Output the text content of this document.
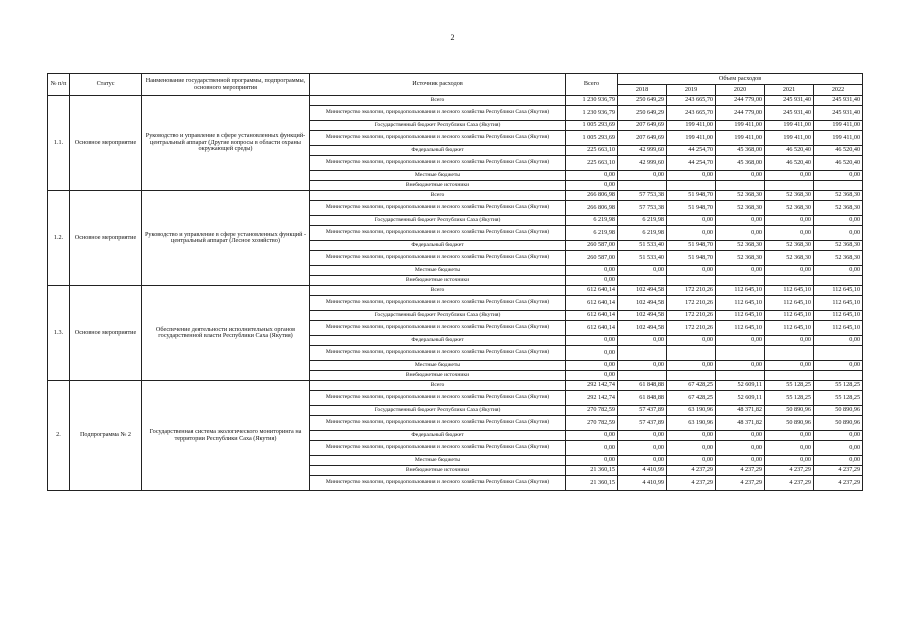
2
№ п/п	Статус	Наименование государственной программы, подпрограммы, основного мероприятия	Источник расходов	Всего	Объем расходов				
					2018	2019	2020	2021	2022
1.1.	Основное мероприятие	Руководство и управление в сфере установленных функций-центральный аппарат (Другие вопросы в области охраны окружающей среды)	Всего	1 230 936,79	250 649,29	243 665,70	244 779,00	245 931,40	245 931,40
			Министерство экологии, природопользования и лесного хозяйства Республики Саха (Якутия)	1 230 936,79	250 649,29	243 665,70	244 779,00	245 931,40	245 931,40
			Государственный бюджет Республики Саха (Якутия)	1 005 293,69	207 649,69	199 411,00	199 411,00	199 411,00	199 411,00
			Министерство экологии, природопользования и лесного хозяйства Республики Саха (Якутия)	1 005 293,69	207 649,69	199 411,00	199 411,00	199 411,00	199 411,00
			Федеральный бюджет	225 663,10	42 999,60	44 254,70	45 368,00	46 520,40	46 520,40
			Министерство экологии, природопользования и лесного хозяйства Республики Саха (Якутия)	225 663,10	42 999,60	44 254,70	45 368,00	46 520,40	46 520,40
			Местные бюджеты	0,00	0,00	0,00	0,00	0,00	0,00
			Внебюджетные источники	0,00					
1.2.	Основное мероприятие	Руководство и управление в сфере установленных функций - центральный аппарат (Лесное хозяйство)	Всего	266 806,98	57 753,38	51 948,70	52 368,30	52 368,30	52 368,30
			Министерство экологии, природопользования и лесного хозяйства Республики Саха (Якутия)	266 806,98	57 753,38	51 948,70	52 368,30	52 368,30	52 368,30
			Государственный бюджет Республики Саха (Якутия)	6 219,98	6 219,98	0,00	0,00	0,00	0,00
			Министерство экологии, природопользования и лесного хозяйства Республики Саха (Якутия)	6 219,98	6 219,98	0,00	0,00	0,00	0,00
			Федеральный бюджет	260 587,00	51 533,40	51 948,70	52 368,30	52 368,30	52 368,30
			Министерство экологии, природопользования и лесного хозяйства Республики Саха (Якутия)	260 587,00	51 533,40	51 948,70	52 368,30	52 368,30	52 368,30
			Местные бюджеты	0,00	0,00	0,00	0,00	0,00	0,00
			Внебюджетные источники	0,00					
1.3.	Основное мероприятие	Обеспечение деятельности исполнительных органов государственной власти Республики Саха (Якутия)	Всего	612 640,14	102 494,58	172 210,26	112 645,10	112 645,10	112 645,10
			Министерство экологии, природопользования и лесного хозяйства Республики Саха (Якутия)	612 640,14	102 494,58	172 210,26	112 645,10	112 645,10	112 645,10
			Государственный бюджет Республики Саха (Якутия)	612 640,14	102 494,58	172 210,26	112 645,10	112 645,10	112 645,10
			Министерство экологии, природопользования и лесного хозяйства Республики Саха (Якутия)	612 640,14	102 494,58	172 210,26	112 645,10	112 645,10	112 645,10
			Федеральный бюджет	0,00	0,00	0,00	0,00	0,00	0,00
			Министерство экологии, природопользования и лесного хозяйства Республики Саха (Якутия)	0,00					
			Местные бюджеты	0,00	0,00	0,00	0,00	0,00	0,00
			Внебюджетные источники	0,00					
2.	Подпрограмма № 2	Государственная система экологического мониторинга на территории Республики Саха (Якутия)	Всего	292 142,74	61 848,88	67 428,25	52 609,11	55 128,25	55 128,25
			Министерство экологии, природопользования и лесного хозяйства Республики Саха (Якутия)	292 142,74	61 848,88	67 428,25	52 609,11	55 128,25	55 128,25
			Государственный бюджет Республики Саха (Якутия)	270 782,59	57 437,89	63 190,96	48 371,82	50 890,96	50 890,96
			Министерство экологии, природопользования и лесного хозяйства Республики Саха (Якутия)	270 782,59	57 437,89	63 190,96	48 371,82	50 890,96	50 890,96
			Федеральный бюджет	0,00	0,00	0,00	0,00	0,00	0,00
			Министерство экологии, природопользования и лесного хозяйства Республики Саха (Якутия)	0,00	0,00	0,00	0,00	0,00	0,00
			Местные бюджеты	0,00	0,00	0,00	0,00	0,00	0,00
			Внебюджетные источники	21 360,15	4 410,99	4 237,29	4 237,29	4 237,29	4 237,29
			Министерство экологии, природопользования и лесного хозяйства Республики Саха (Якутия)	21 360,15	4 410,99	4 237,29	4 237,29	4 237,29	4 237,29
